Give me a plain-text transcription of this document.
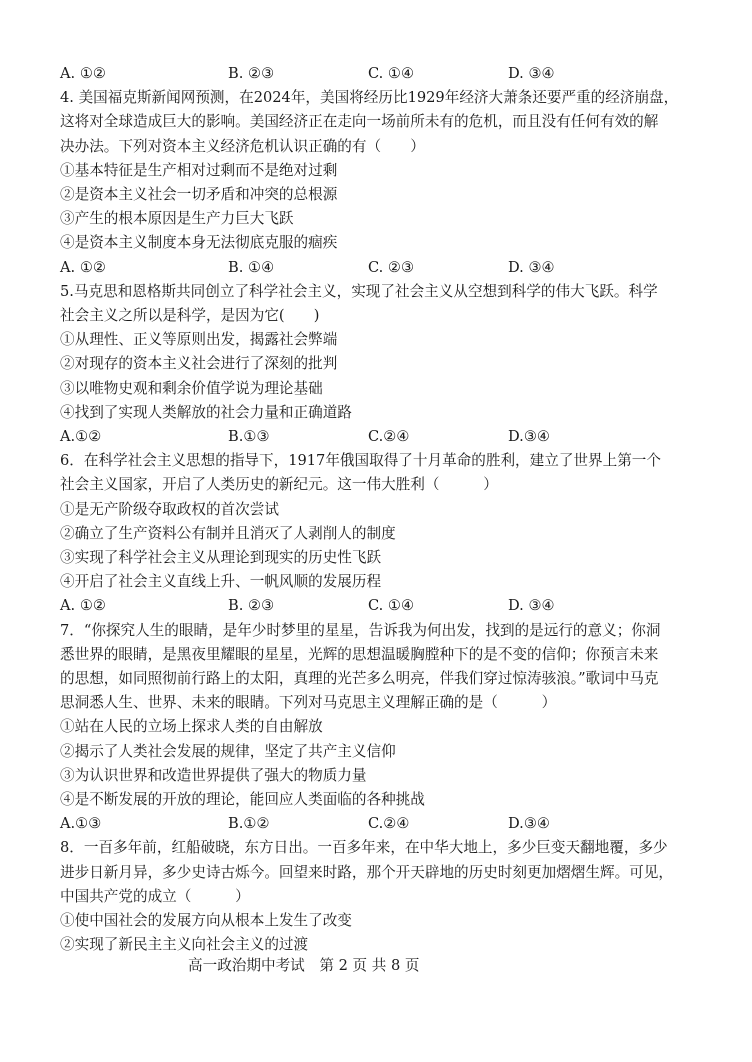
A. ①②	B. ②③	C. ①④	D. ③④
4. 美国福克斯新闻网预测，在2024年，美国将经历比1929年经济大萧条还要严重的经济崩盘，
这将对全球造成巨大的影响。美国经济正在走向一场前所未有的危机，而且没有任何有效的解
决办法。下列对资本主义经济危机认识正确的有（　　）
①基本特征是生产相对过剩而不是绝对过剩
②是资本主义社会一切矛盾和冲突的总根源
③产生的根本原因是生产力巨大飞跃
④是资本主义制度本身无法彻底克服的痼疾
A. ①②	B. ①④	C. ②③	D. ③④
5.马克思和恩格斯共同创立了科学社会主义，实现了社会主义从空想到科学的伟大飞跃。科学
社会主义之所以是科学，是因为它(　　)
①从理性、正义等原则出发，揭露社会弊端
②对现存的资本主义社会进行了深刻的批判
③以唯物史观和剩余价值学说为理论基础
④找到了实现人类解放的社会力量和正确道路
A.①②	B.①③	C.②④	D.③④
6．在科学社会主义思想的指导下，1917年俄国取得了十月革命的胜利，建立了世界上第一个
社会主义国家，开启了人类历史的新纪元。这一伟大胜利（　　　）
①是无产阶级夺取政权的首次尝试
②确立了生产资料公有制并且消灭了人剥削人的制度
③实现了科学社会主义从理论到现实的历史性飞跃
④开启了社会主义直线上升、一帆风顺的发展历程
A. ①②	B. ②③	C. ①④	D. ③④
7．“你探究人生的眼睛，是年少时梦里的星星，告诉我为何出发，找到的是远行的意义；你洞
悉世界的眼睛，是黑夜里耀眼的星星，光辉的思想温暖胸膛种下的是不变的信仰；你预言未来
的思想，如同照彻前行路上的太阳，真理的光芒多么明亮，伴我们穿过惊涛骇浪。”歌词中马克
思洞悉人生、世界、未来的眼睛。下列对马克思主义理解正确的是（　　　）
①站在人民的立场上探求人类的自由解放
②揭示了人类社会发展的规律，坚定了共产主义信仰
③为认识世界和改造世界提供了强大的物质力量
④是不断发展的开放的理论，能回应人类面临的各种挑战
A.①③	B.①②	C.②④	D.③④
8．一百多年前，红船破晓，东方日出。一百多年来，在中华大地上，多少巨变天翻地覆，多少
进步日新月异，多少史诗古烁今。回望来时路，那个开天辟地的历史时刻更加熠熠生辉。可见，
中国共产党的成立（　　　）
①使中国社会的发展方向从根本上发生了改变
②实现了新民主主义向社会主义的过渡
高一政治期中考试　第 2 页 共 8 页
